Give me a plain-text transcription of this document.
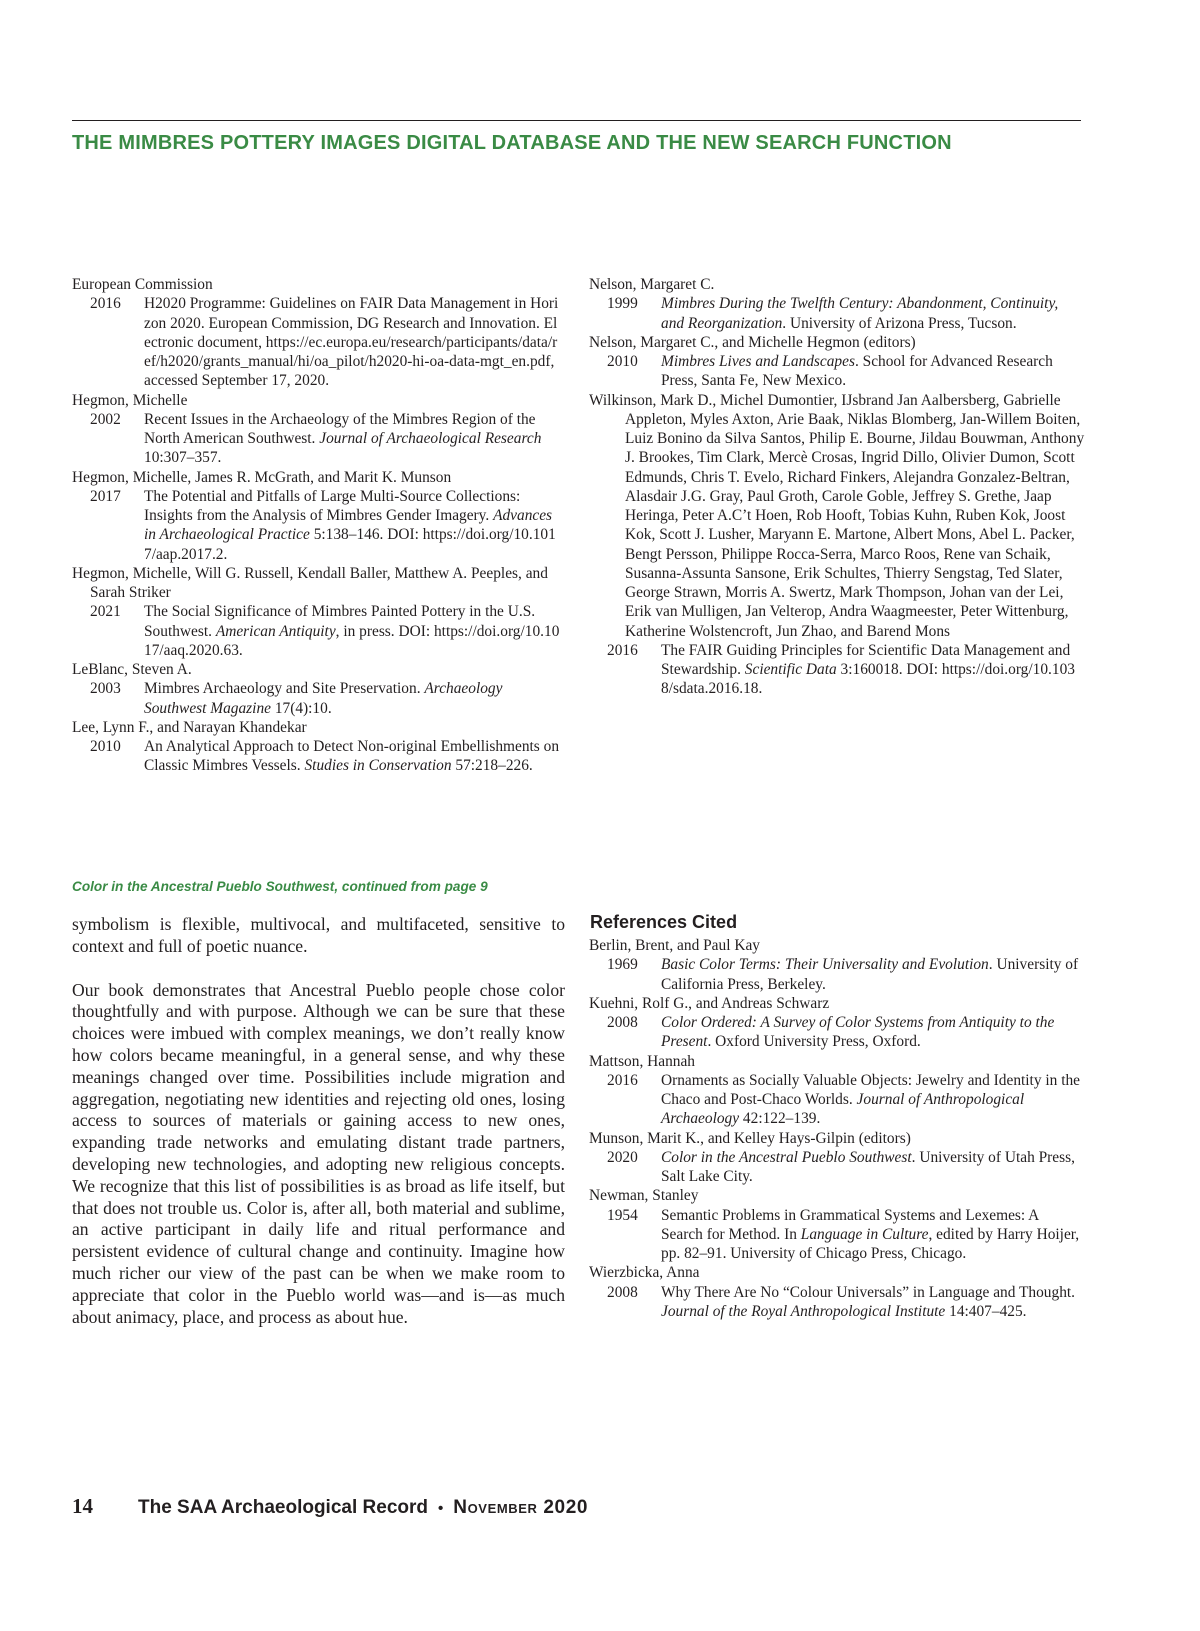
THE MIMBRES POTTERY IMAGES DIGITAL DATABASE AND THE NEW SEARCH FUNCTION
European Commission
2016	H2020 Programme: Guidelines on FAIR Data Management in Horizon 2020. European Commission, DG Research and Innovation. Electronic document, https://ec.europa.eu/research/participants/data/ref/h2020/grants_manual/hi/oa_pilot/h2020-hi-oa-data-mgt_en.pdf, accessed September 17, 2020.
Hegmon, Michelle
2002	Recent Issues in the Archaeology of the Mimbres Region of the North American Southwest. Journal of Archaeological Research 10:307–357.
Hegmon, Michelle, James R. McGrath, and Marit K. Munson
2017	The Potential and Pitfalls of Large Multi-Source Collections: Insights from the Analysis of Mimbres Gender Imagery. Advances in Archaeological Practice 5:138–146. DOI: https://doi.org/10.1017/aap.2017.2.
Hegmon, Michelle, Will G. Russell, Kendall Baller, Matthew A. Peeples, and Sarah Striker
2021	The Social Significance of Mimbres Painted Pottery in the U.S. Southwest. American Antiquity, in press. DOI: https://doi.org/10.1017/aaq.2020.63.
LeBlanc, Steven A.
2003	Mimbres Archaeology and Site Preservation. Archaeology Southwest Magazine 17(4):10.
Lee, Lynn F., and Narayan Khandekar
2010	An Analytical Approach to Detect Non-original Embellishments on Classic Mimbres Vessels. Studies in Conservation 57:218–226.
Nelson, Margaret C.
1999	Mimbres During the Twelfth Century: Abandonment, Continuity, and Reorganization. University of Arizona Press, Tucson.
Nelson, Margaret C., and Michelle Hegmon (editors)
2010	Mimbres Lives and Landscapes. School for Advanced Research Press, Santa Fe, New Mexico.
Wilkinson, Mark D., Michel Dumontier, IJsbrand Jan Aalbersberg, Gabrielle Appleton, Myles Axton, Arie Baak, Niklas Blomberg, Jan-Willem Boiten, Luiz Bonino da Silva Santos, Philip E. Bourne, Jildau Bouwman, Anthony J. Brookes, Tim Clark, Mercè Crosas, Ingrid Dillo, Olivier Dumon, Scott Edmunds, Chris T. Evelo, Richard Finkers, Alejandra Gonzalez-Beltran, Alasdair J.G. Gray, Paul Groth, Carole Goble, Jeffrey S. Grethe, Jaap Heringa, Peter A.C’t Hoen, Rob Hooft, Tobias Kuhn, Ruben Kok, Joost Kok, Scott J. Lusher, Maryann E. Martone, Albert Mons, Abel L. Packer, Bengt Persson, Philippe Rocca-Serra, Marco Roos, Rene van Schaik, Susanna-Assunta Sansone, Erik Schultes, Thierry Sengstag, Ted Slater, George Strawn, Morris A. Swertz, Mark Thompson, Johan van der Lei, Erik van Mulligen, Jan Velterop, Andra Waagmeester, Peter Wittenburg, Katherine Wolstencroft, Jun Zhao, and Barend Mons
2016	The FAIR Guiding Principles for Scientific Data Management and Stewardship. Scientific Data 3:160018. DOI: https://doi.org/10.1038/sdata.2016.18.
Color in the Ancestral Pueblo Southwest, continued from page 9

symbolism is flexible, multivocal, and multifaceted, sensitive to context and full of poetic nuance.

Our book demonstrates that Ancestral Pueblo people chose color thoughtfully and with purpose. Although we can be sure that these choices were imbued with complex meanings, we don’t really know how colors became meaningful, in a general sense, and why these meanings changed over time. Possibilities include migration and aggregation, negotiating new identities and rejecting old ones, losing access to sources of materials or gaining access to new ones, expanding trade networks and emulating distant trade partners, developing new technologies, and adopting new religious concepts. We recognize that this list of possibilities is as broad as life itself, but that does not trouble us. Color is, after all, both material and sublime, an active participant in daily life and ritual performance and persistent evidence of cultural change and continuity. Imagine how much richer our view of the past can be when we make room to appreciate that color in the Pueblo world was—and is—as much about animacy, place, and process as about hue.

References Cited
Berlin, Brent, and Paul Kay
1969	Basic Color Terms: Their Universality and Evolution. University of California Press, Berkeley.
Kuehni, Rolf G., and Andreas Schwarz
2008	Color Ordered: A Survey of Color Systems from Antiquity to the Present. Oxford University Press, Oxford.
Mattson, Hannah
2016	Ornaments as Socially Valuable Objects: Jewelry and Identity in the Chaco and Post-Chaco Worlds. Journal of Anthropological Archaeology 42:122–139.
Munson, Marit K., and Kelley Hays-Gilpin (editors)
2020	Color in the Ancestral Pueblo Southwest. University of Utah Press, Salt Lake City.
Newman, Stanley
1954	Semantic Problems in Grammatical Systems and Lexemes: A Search for Method. In Language in Culture, edited by Harry Hoijer, pp. 82–91. University of Chicago Press, Chicago.
Wierzbicka, Anna
2008	Why There Are No “Colour Universals” in Language and Thought. Journal of the Royal Anthropological Institute 14:407–425.
14	The SAA Archaeological Record • November 2020
